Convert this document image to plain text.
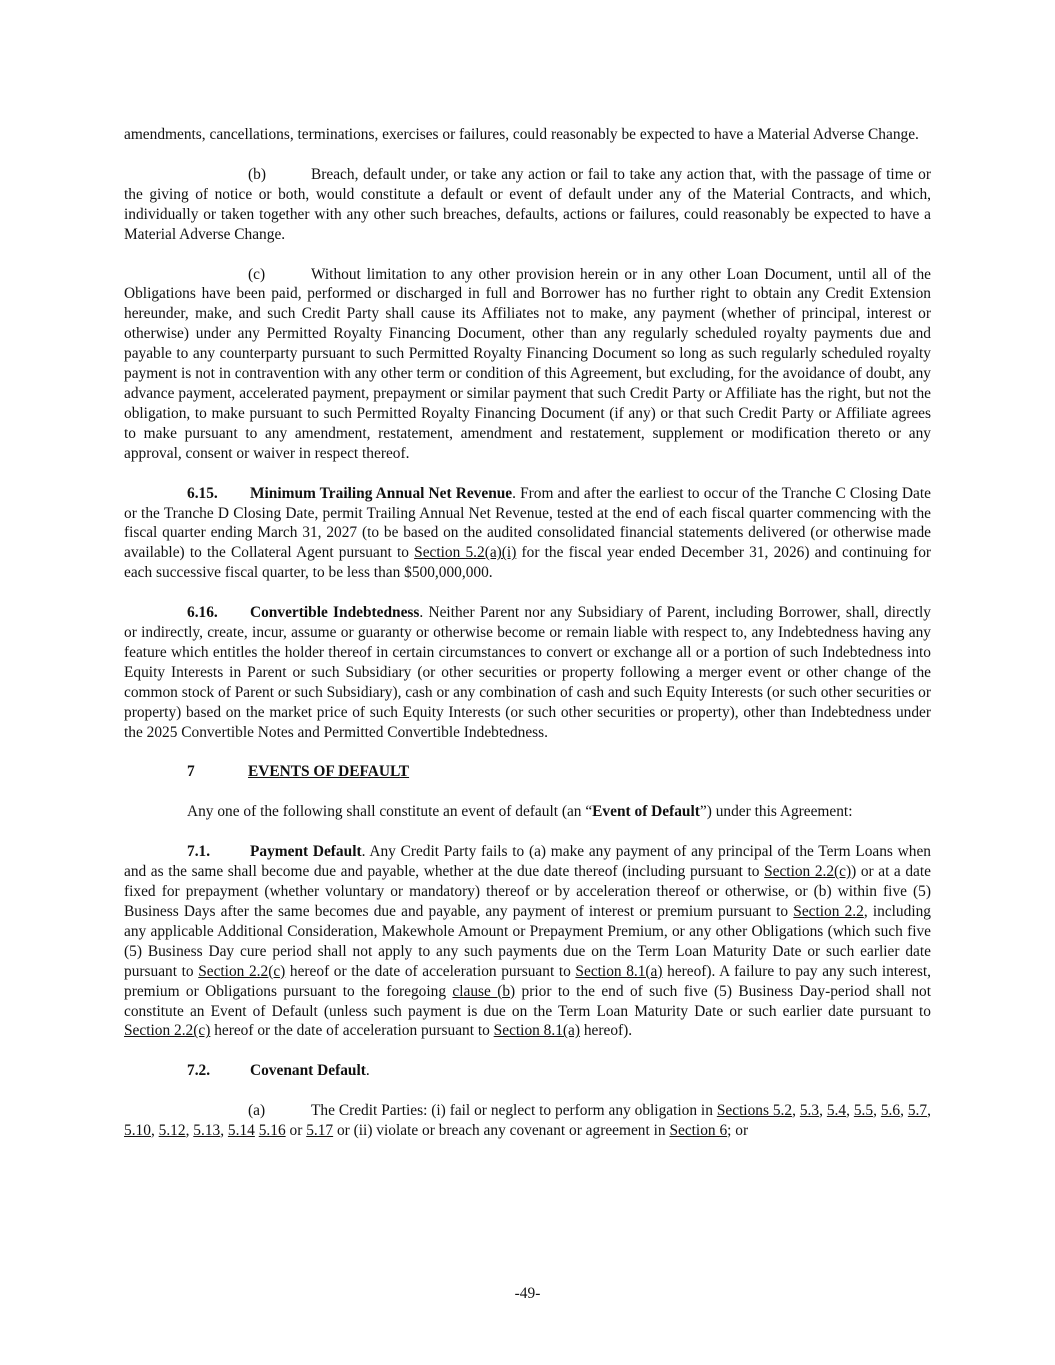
amendments, cancellations, terminations, exercises or failures, could reasonably be expected to have a Material Adverse Change.

(b)	Breach, default under, or take any action or fail to take any action that, with the passage of time or the giving of notice or both, would constitute a default or event of default under any of the Material Contracts, and which, individually or taken together with any other such breaches, defaults, actions or failures, could reasonably be expected to have a Material Adverse Change.

(c)	Without limitation to any other provision herein or in any other Loan Document, until all of the Obligations have been paid, performed or discharged in full and Borrower has no further right to obtain any Credit Extension hereunder, make, and such Credit Party shall cause its Affiliates not to make, any payment (whether of principal, interest or otherwise) under any Permitted Royalty Financing Document, other than any regularly scheduled royalty payments due and payable to any counterparty pursuant to such Permitted Royalty Financing Document so long as such regularly scheduled royalty payment is not in contravention with any other term or condition of this Agreement, but excluding, for the avoidance of doubt, any advance payment, accelerated payment, prepayment or similar payment that such Credit Party or Affiliate has the right, but not the obligation, to make pursuant to such Permitted Royalty Financing Document (if any) or that such Credit Party or Affiliate agrees to make pursuant to any amendment, restatement, amendment and restatement, supplement or modification thereto or any approval, consent or waiver in respect thereof.

6.15. Minimum Trailing Annual Net Revenue. From and after the earliest to occur of the Tranche C Closing Date or the Tranche D Closing Date, permit Trailing Annual Net Revenue, tested at the end of each fiscal quarter commencing with the fiscal quarter ending March 31, 2027 (to be based on the audited consolidated financial statements delivered (or otherwise made available) to the Collateral Agent pursuant to Section 5.2(a)(i) for the fiscal year ended December 31, 2026) and continuing for each successive fiscal quarter, to be less than $500,000,000.

6.16. Convertible Indebtedness. Neither Parent nor any Subsidiary of Parent, including Borrower, shall, directly or indirectly, create, incur, assume or guaranty or otherwise become or remain liable with respect to, any Indebtedness having any feature which entitles the holder thereof in certain circumstances to convert or exchange all or a portion of such Indebtedness into Equity Interests in Parent or such Subsidiary (or other securities or property following a merger event or other change of the common stock of Parent or such Subsidiary), cash or any combination of cash and such Equity Interests (or such other securities or property) based on the market price of such Equity Interests (or such other securities or property), other than Indebtedness under the 2025 Convertible Notes and Permitted Convertible Indebtedness.

7	EVENTS OF DEFAULT

Any one of the following shall constitute an event of default (an “Event of Default”) under this Agreement:

7.1.	Payment Default. Any Credit Party fails to (a) make any payment of any principal of the Term Loans when and as the same shall become due and payable, whether at the due date thereof (including pursuant to Section 2.2(c)) or at a date fixed for prepayment (whether voluntary or mandatory) thereof or by acceleration thereof or otherwise, or (b) within five (5) Business Days after the same becomes due and payable, any payment of interest or premium pursuant to Section 2.2, including any applicable Additional Consideration, Makewhole Amount or Prepayment Premium, or any other Obligations (which such five (5) Business Day cure period shall not apply to any such payments due on the Term Loan Maturity Date or such earlier date pursuant to Section 2.2(c) hereof or the date of acceleration pursuant to Section 8.1(a) hereof). A failure to pay any such interest, premium or Obligations pursuant to the foregoing clause (b) prior to the end of such five (5) Business Day-period shall not constitute an Event of Default (unless such payment is due on the Term Loan Maturity Date or such earlier date pursuant to Section 2.2(c) hereof or the date of acceleration pursuant to Section 8.1(a) hereof).

7.2.	Covenant Default.

(a)	The Credit Parties: (i) fail or neglect to perform any obligation in Sections 5.2, 5.3, 5.4, 5.5, 5.6, 5.7, 5.10, 5.12, 5.13, 5.14 5.16 or 5.17 or (ii) violate or breach any covenant or agreement in Section 6; or

-49-
